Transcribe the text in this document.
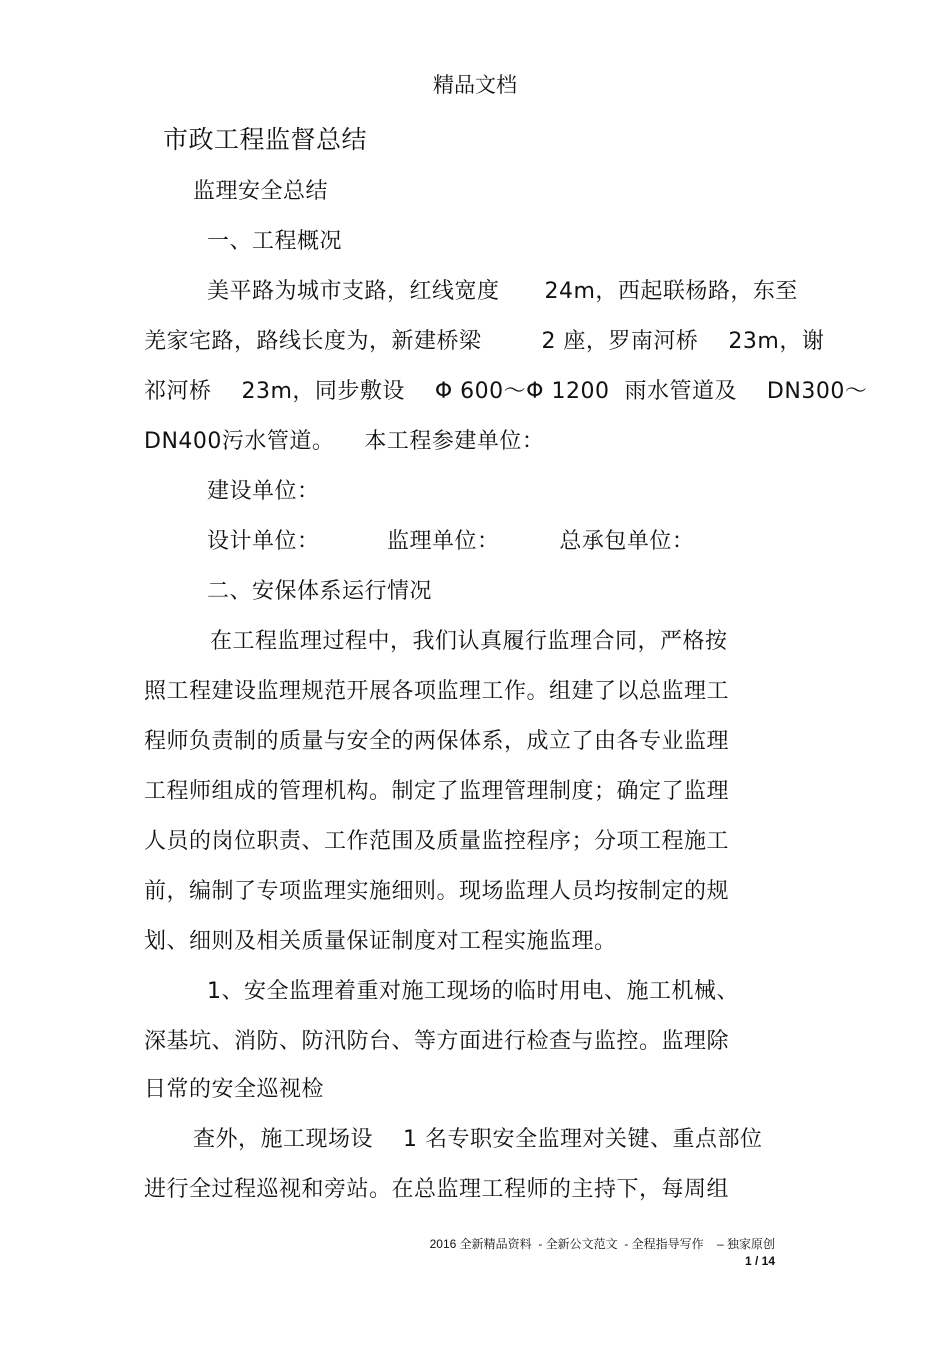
精品文档
市政工程监督总结
监理安全总结
一、工程概况
美平路为城市支路，红线宽度      24m，西起联杨路，东至
羌家宅路，路线长度为，新建桥梁        2 座，罗南河桥    23m，谢
祁河桥    23m，同步敷设    Φ 600～Φ 1200  雨水管道及    DN300～
DN400污水管道。    本工程参建单位：
建设单位：
设计单位：         监理单位：        总承包单位：
二、安保体系运行情况
在工程监理过程中，我们认真履行监理合同，严格按
照工程建设监理规范开展各项监理工作。组建了以总监理工
程师负责制的质量与安全的两保体系，成立了由各专业监理
工程师组成的管理机构。制定了监理管理制度；确定了监理
人员的岗位职责、工作范围及质量监控程序；分项工程施工
前，编制了专项监理实施细则。现场监理人员均按制定的规
划、细则及相关质量保证制度对工程实施监理。
1、安全监理着重对施工现场的临时用电、施工机械、
深基坑、消防、防汛防台、等方面进行检查与监控。监理除
日常的安全巡视检
查外，施工现场设    1 名专职安全监理对关键、重点部位
进行全过程巡视和旁站。在总监理工程师的主持下，每周组
2016 全新精品资料  - 全新公文范文  - 全程指导写作    – 独家原创
1 / 14
